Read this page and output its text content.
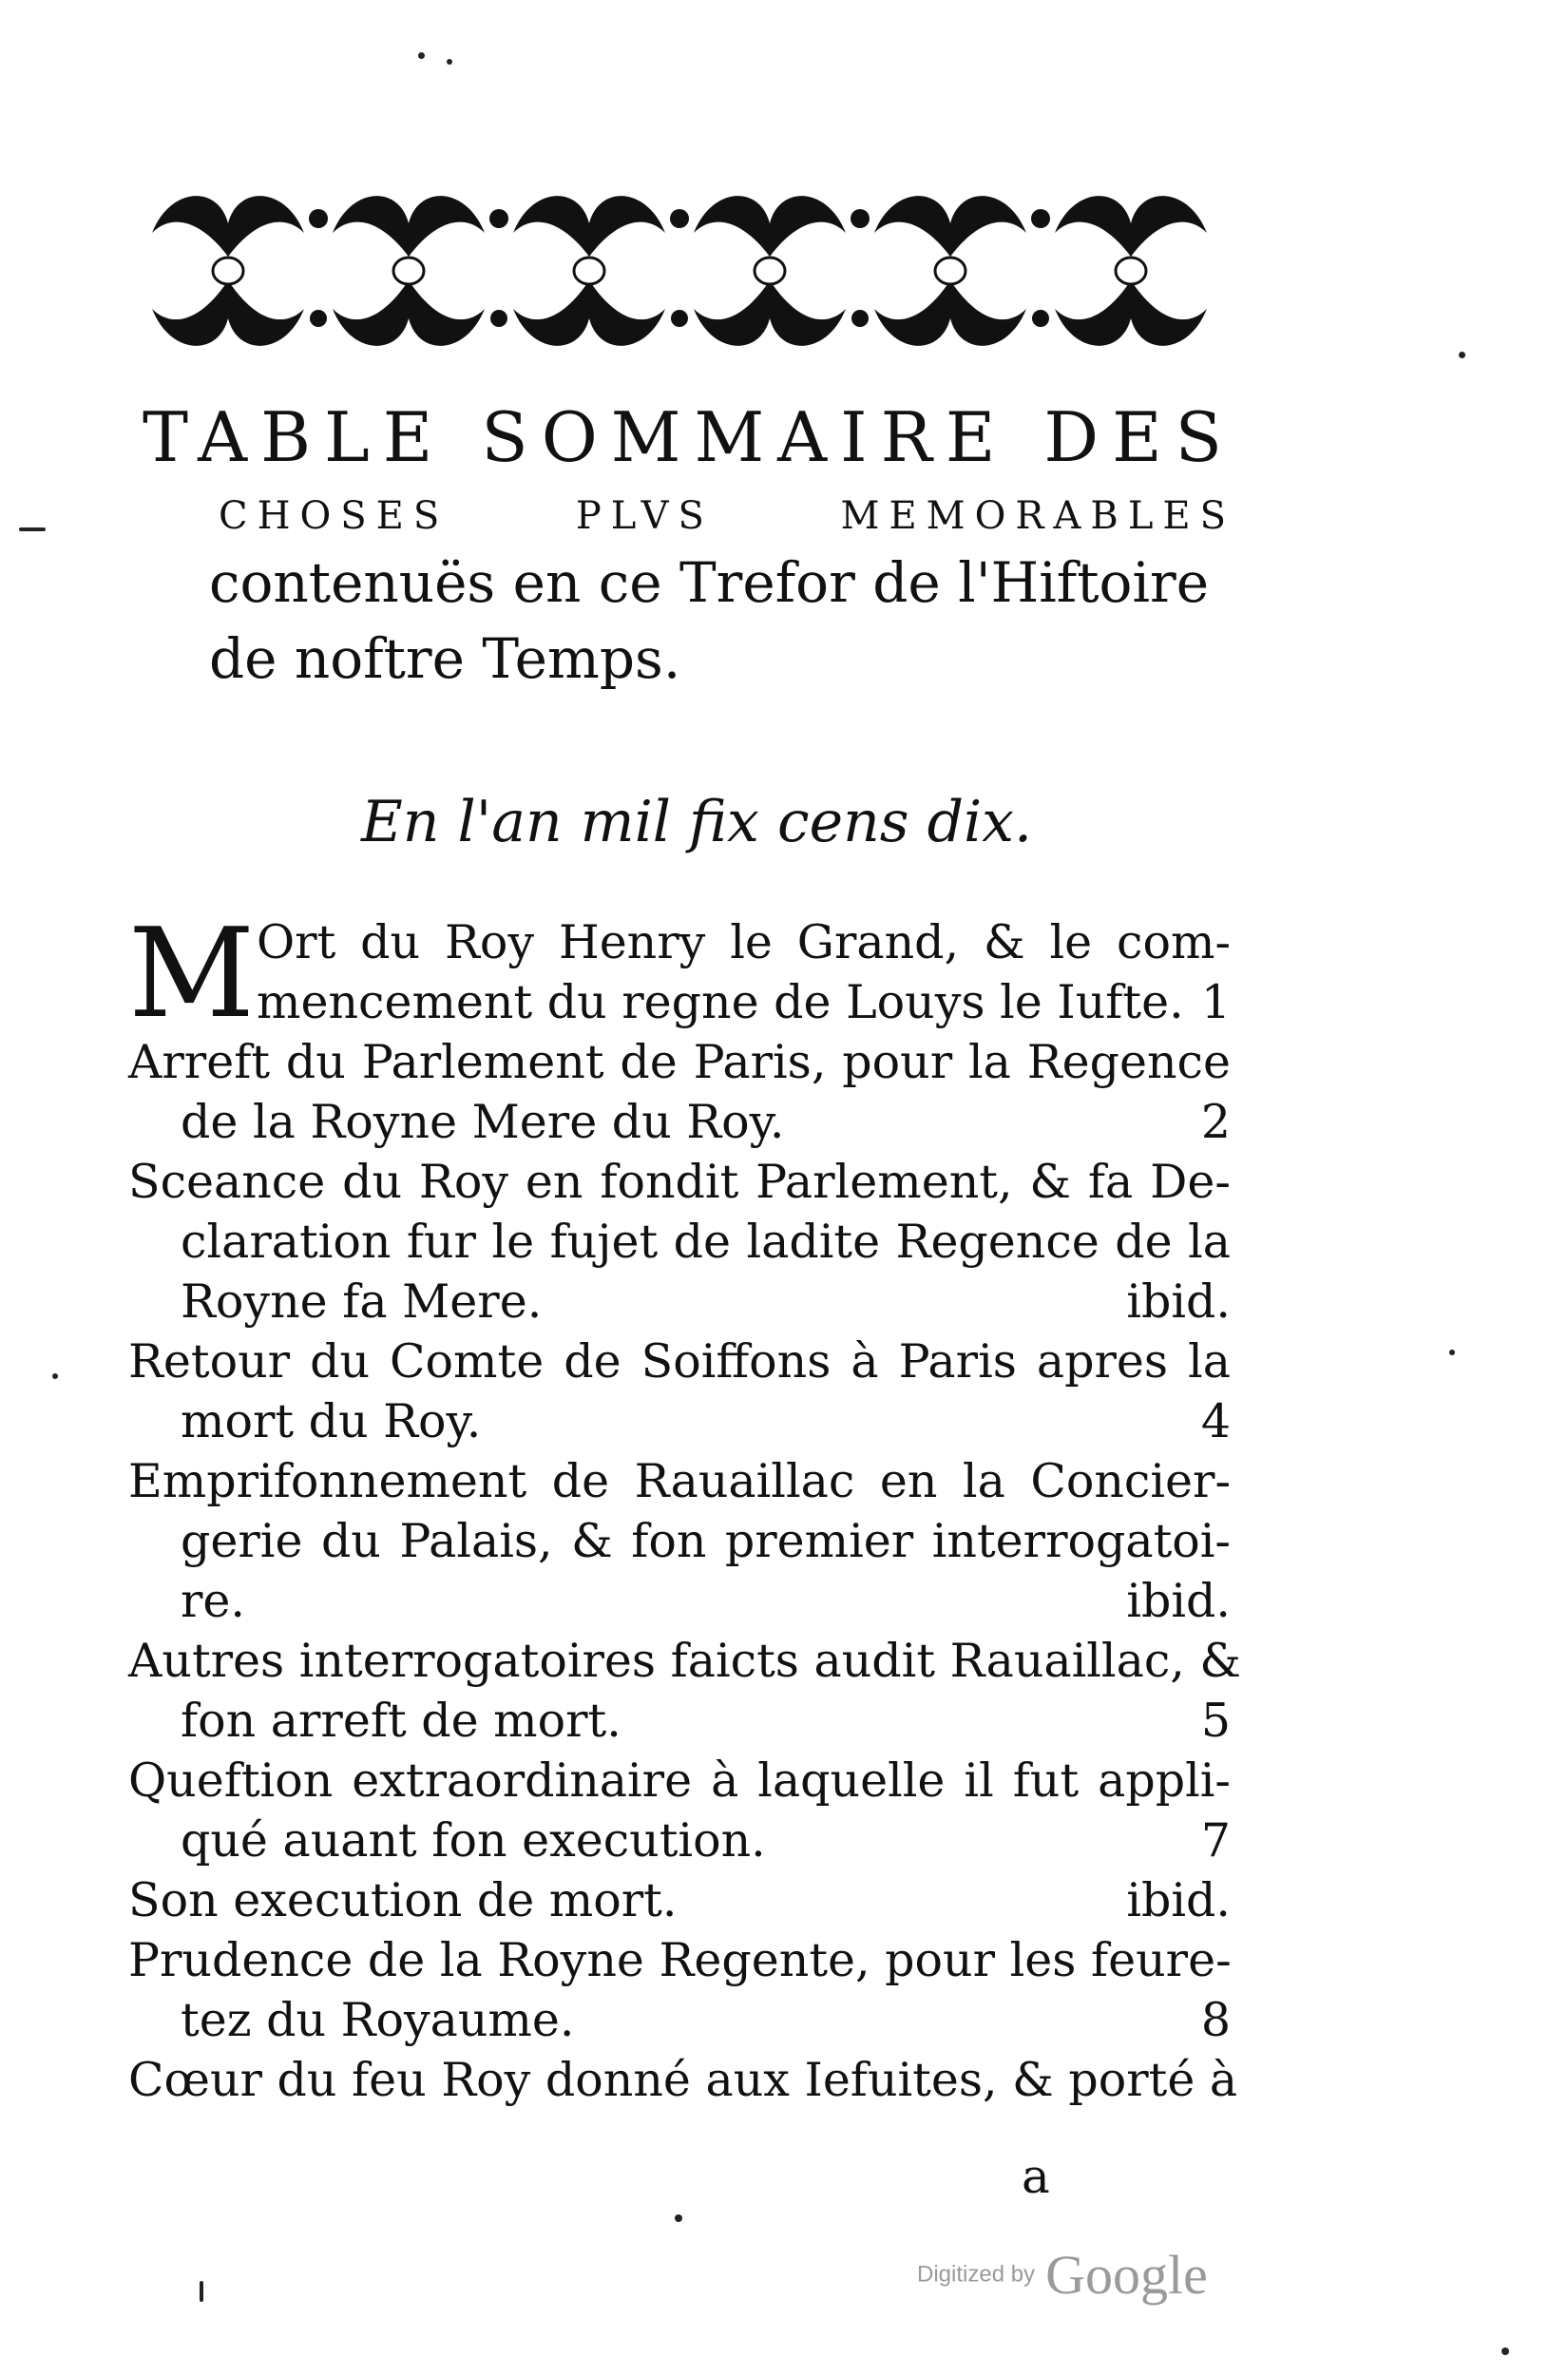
TABLE SOMMAIRE DES
CHOSES	PLVS	MEMORABLES
contenuës en ce Trefor de l'Hiftoire
de noftre Temps.
En l'an mil fix cens dix.
M Ort du Roy Henry le Grand, & le com-
mencement du regne de Louys le Iufte. 1
Arreft du Parlement de Paris, pour la Regence
de la Royne Mere du Roy.	2
Sceance du Roy en fondit Parlement, & fa De-
claration fur le fujet de ladite Regence de la
Royne fa Mere.	ibid.
Retour du Comte de Soiffons à Paris apres la
mort du Roy.	4
Emprifonnement de Rauaillac en la Concier-
gerie du Palais, & fon premier interrogatoi-
re.	ibid.
Autres interrogatoires faicts audit Rauaillac, &
fon arreft de mort.	5
Queftion extraordinaire à laquelle il fut appli-
qué auant fon execution.	7
Son execution de mort.	ibid.
Prudence de la Royne Regente, pour les feure-
tez du Royaume.	8
Cœur du feu Roy donné aux Iefuites, & porté à
a
Digitized by Google
